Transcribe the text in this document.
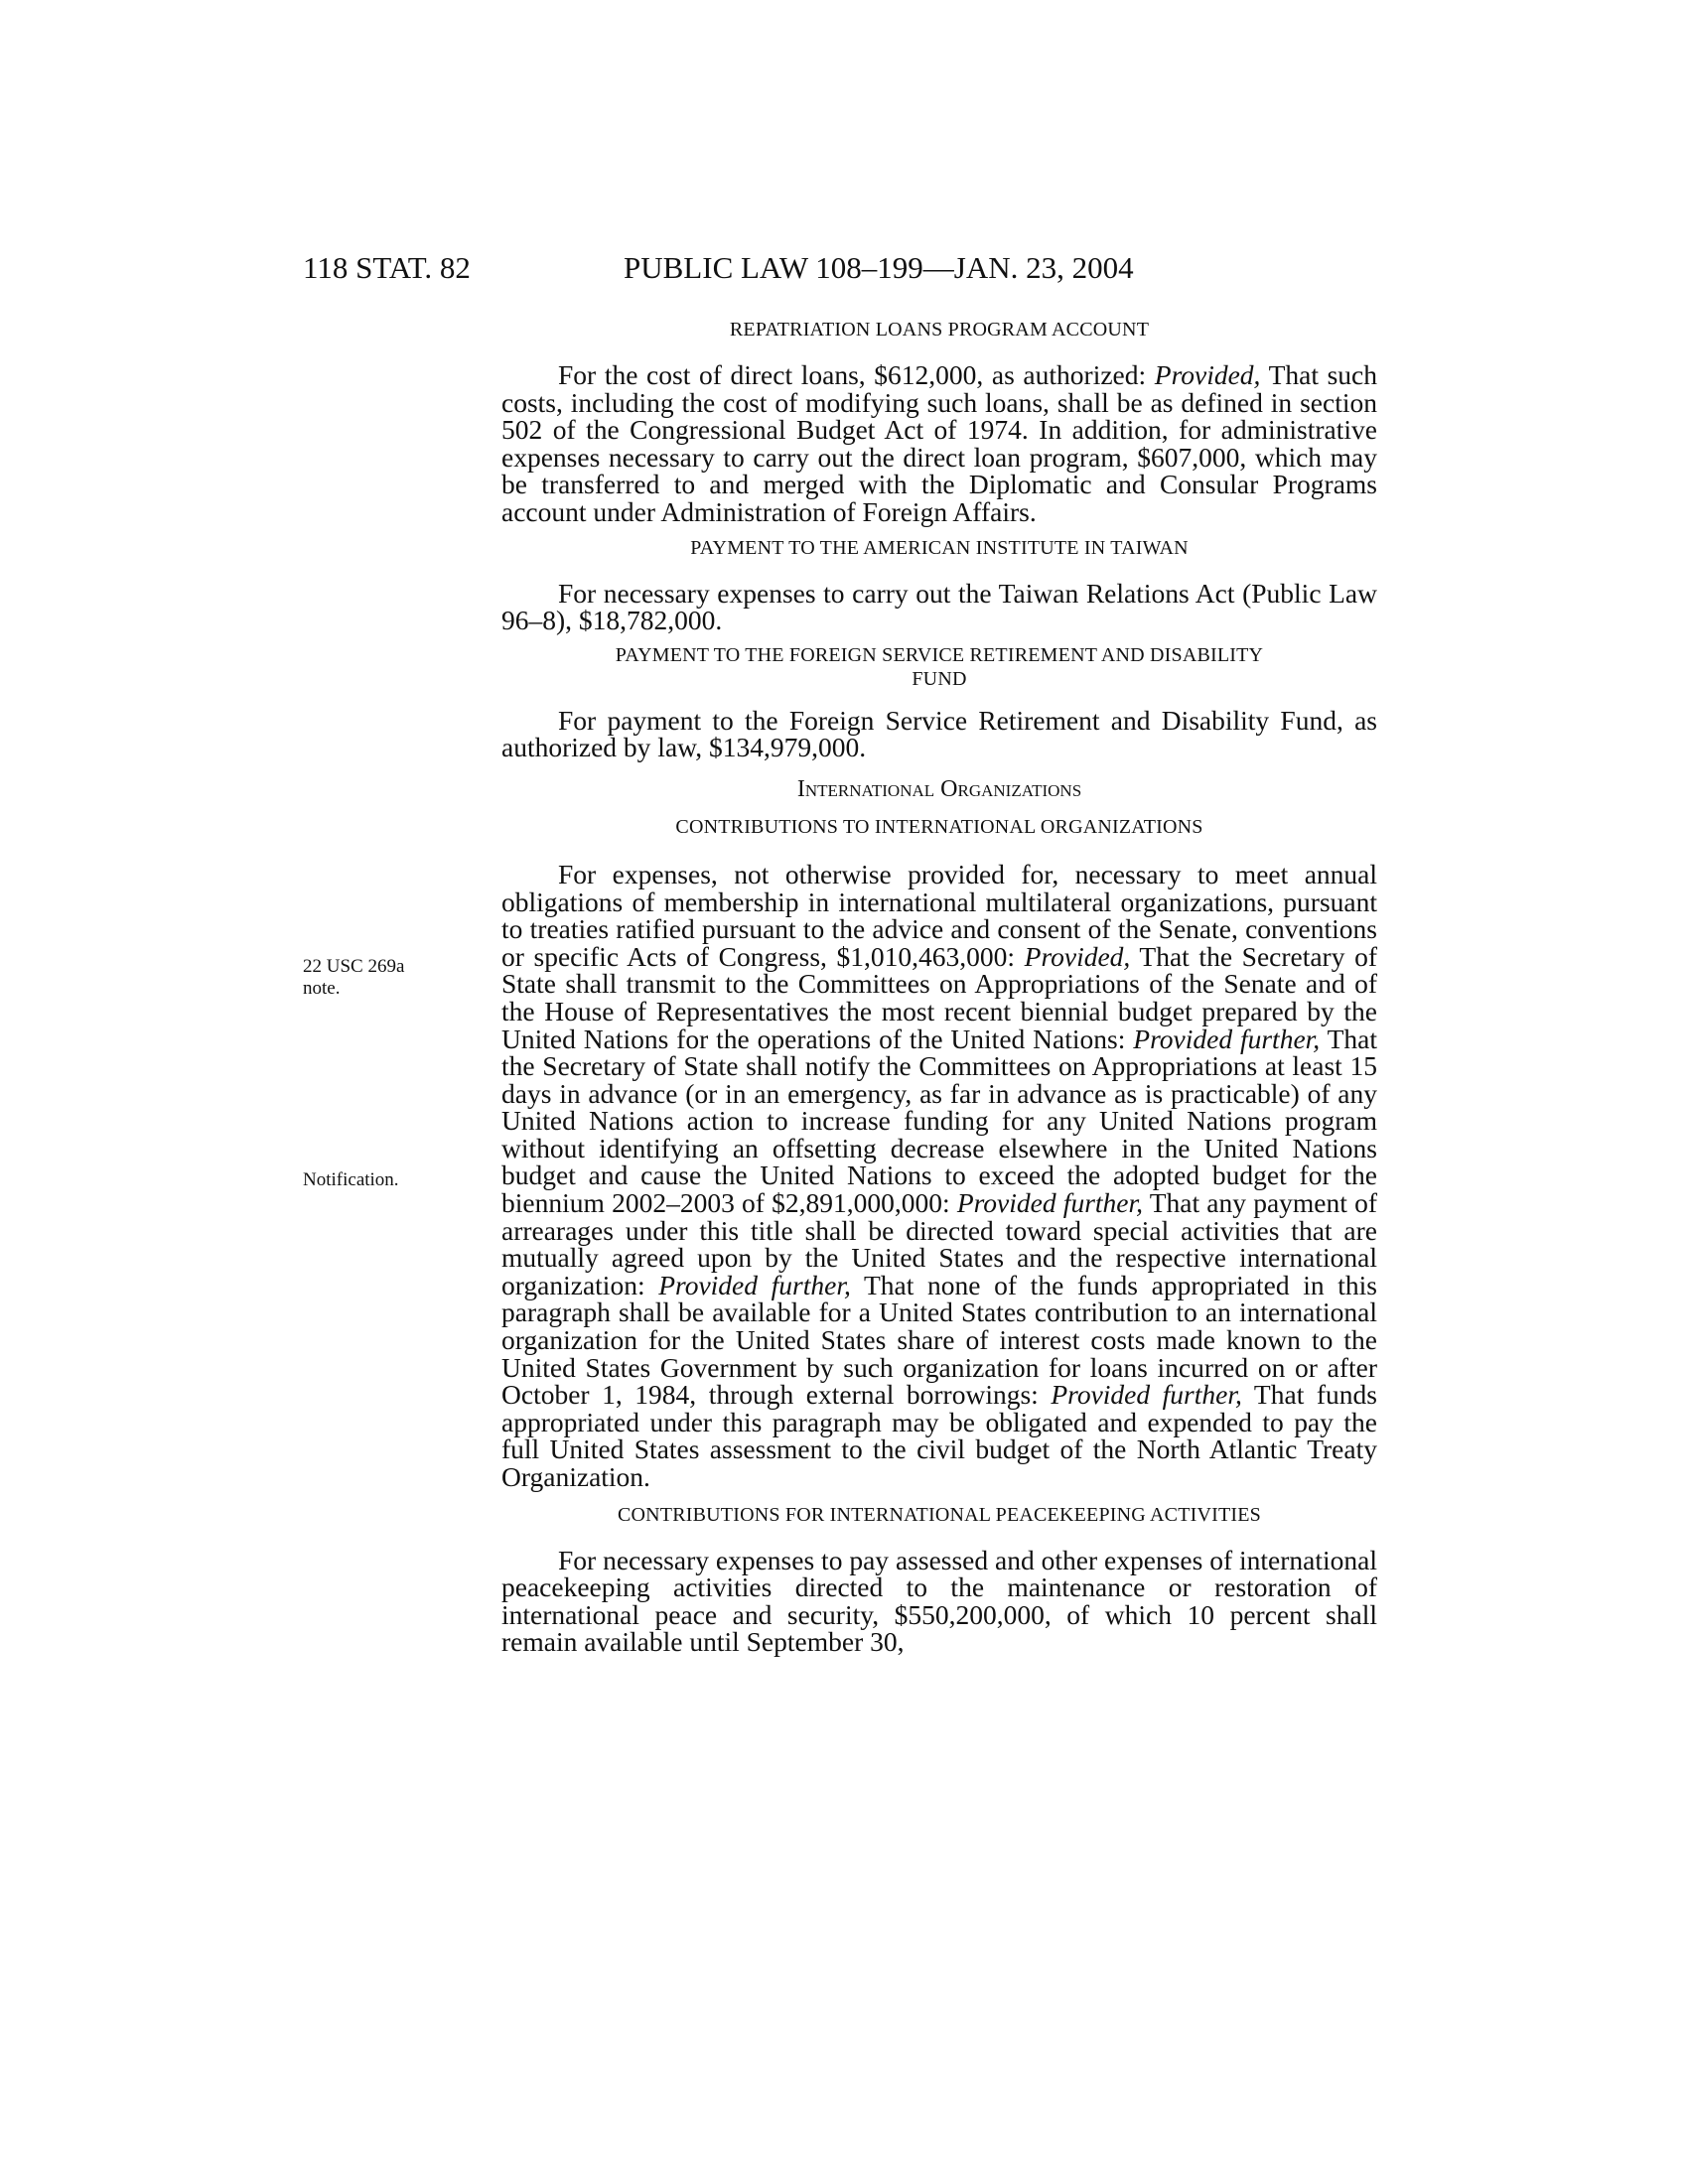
118 STAT. 82	PUBLIC LAW 108–199—JAN. 23, 2004
22 USC 269a
note.
Notification.
REPATRIATION LOANS PROGRAM ACCOUNT

For the cost of direct loans, $612,000, as authorized: Provided, That such costs, including the cost of modifying such loans, shall be as defined in section 502 of the Congressional Budget Act of 1974. In addition, for administrative expenses necessary to carry out the direct loan program, $607,000, which may be transferred to and merged with the Diplomatic and Consular Programs account under Administration of Foreign Affairs.

PAYMENT TO THE AMERICAN INSTITUTE IN TAIWAN

For necessary expenses to carry out the Taiwan Relations Act (Public Law 96–8), $18,782,000.

PAYMENT TO THE FOREIGN SERVICE RETIREMENT AND DISABILITY
FUND

For payment to the Foreign Service Retirement and Disability Fund, as authorized by law, $134,979,000.

International Organizations
CONTRIBUTIONS TO INTERNATIONAL ORGANIZATIONS

For expenses, not otherwise provided for, necessary to meet annual obligations of membership in international multilateral organizations, pursuant to treaties ratified pursuant to the advice and consent of the Senate, conventions or specific Acts of Congress, $1,010,463,000: Provided, That the Secretary of State shall transmit to the Committees on Appropriations of the Senate and of the House of Representatives the most recent biennial budget prepared by the United Nations for the operations of the United Nations: Provided further, That the Secretary of State shall notify the Committees on Appropriations at least 15 days in advance (or in an emergency, as far in advance as is practicable) of any United Nations action to increase funding for any United Nations program without identifying an offsetting decrease elsewhere in the United Nations budget and cause the United Nations to exceed the adopted budget for the biennium 2002–2003 of $2,891,000,000: Provided further, That any payment of arrearages under this title shall be directed toward special activities that are mutually agreed upon by the United States and the respective international organization: Provided further, That none of the funds appropriated in this paragraph shall be available for a United States contribution to an international organization for the United States share of interest costs made known to the United States Government by such organization for loans incurred on or after October 1, 1984, through external borrowings: Provided further, That funds appropriated under this paragraph may be obligated and expended to pay the full United States assessment to the civil budget of the North Atlantic Treaty Organization.

CONTRIBUTIONS FOR INTERNATIONAL PEACEKEEPING ACTIVITIES

For necessary expenses to pay assessed and other expenses of international peacekeeping activities directed to the maintenance or restoration of international peace and security, $550,200,000, of which 10 percent shall remain available until September 30,
